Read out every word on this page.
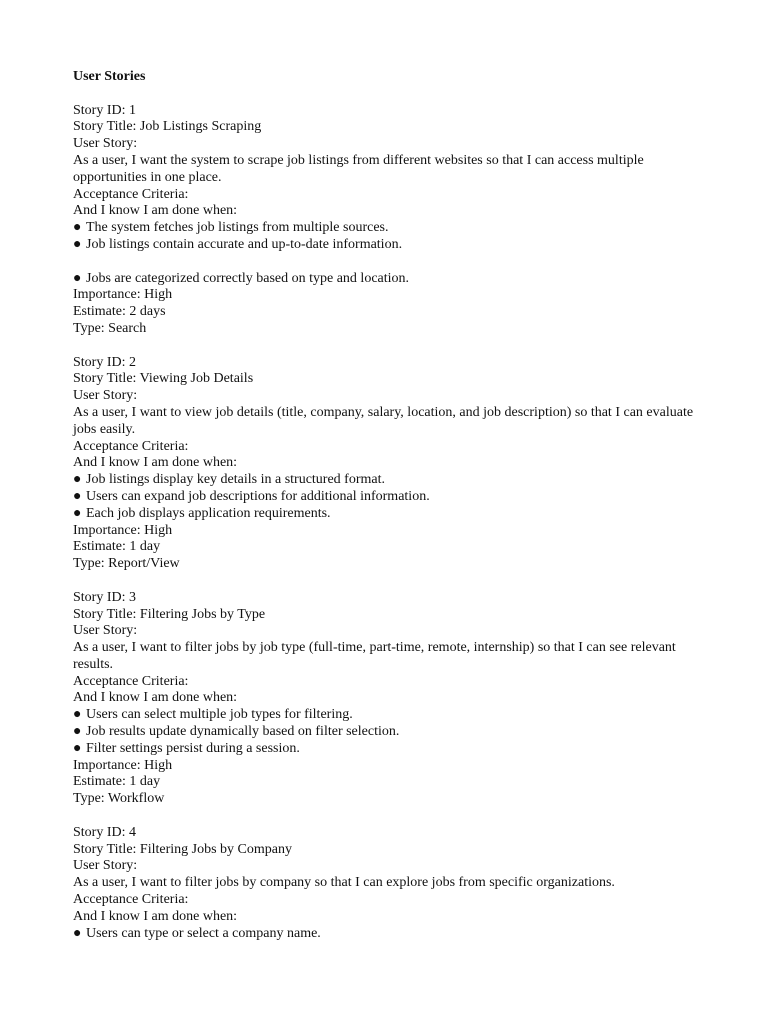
User Stories

Story ID: 1

Story Title: Job Listings Scraping

User Story:

As a user, I want the system to scrape job listings from different websites so that I can access multiple opportunities in one place.

Acceptance Criteria:

And I know I am done when:

● The system fetches job listings from multiple sources.

● Job listings contain accurate and up-to-date information.

● Jobs are categorized correctly based on type and location.

Importance: High

Estimate: 2 days

Type: Search

Story ID: 2

Story Title: Viewing Job Details

User Story:

As a user, I want to view job details (title, company, salary, location, and job description) so that I can evaluate jobs easily.

Acceptance Criteria:

And I know I am done when:

● Job listings display key details in a structured format.

● Users can expand job descriptions for additional information.

● Each job displays application requirements.

Importance: High

Estimate: 1 day

Type: Report/View

Story ID: 3

Story Title: Filtering Jobs by Type

User Story:

As a user, I want to filter jobs by job type (full-time, part-time, remote, internship) so that I can see relevant results.

Acceptance Criteria:

And I know I am done when:

● Users can select multiple job types for filtering.

● Job results update dynamically based on filter selection.

● Filter settings persist during a session.

Importance: High

Estimate: 1 day

Type: Workflow

Story ID: 4

Story Title: Filtering Jobs by Company

User Story:

As a user, I want to filter jobs by company so that I can explore jobs from specific organizations.

Acceptance Criteria:

And I know I am done when:

● Users can type or select a company name.
